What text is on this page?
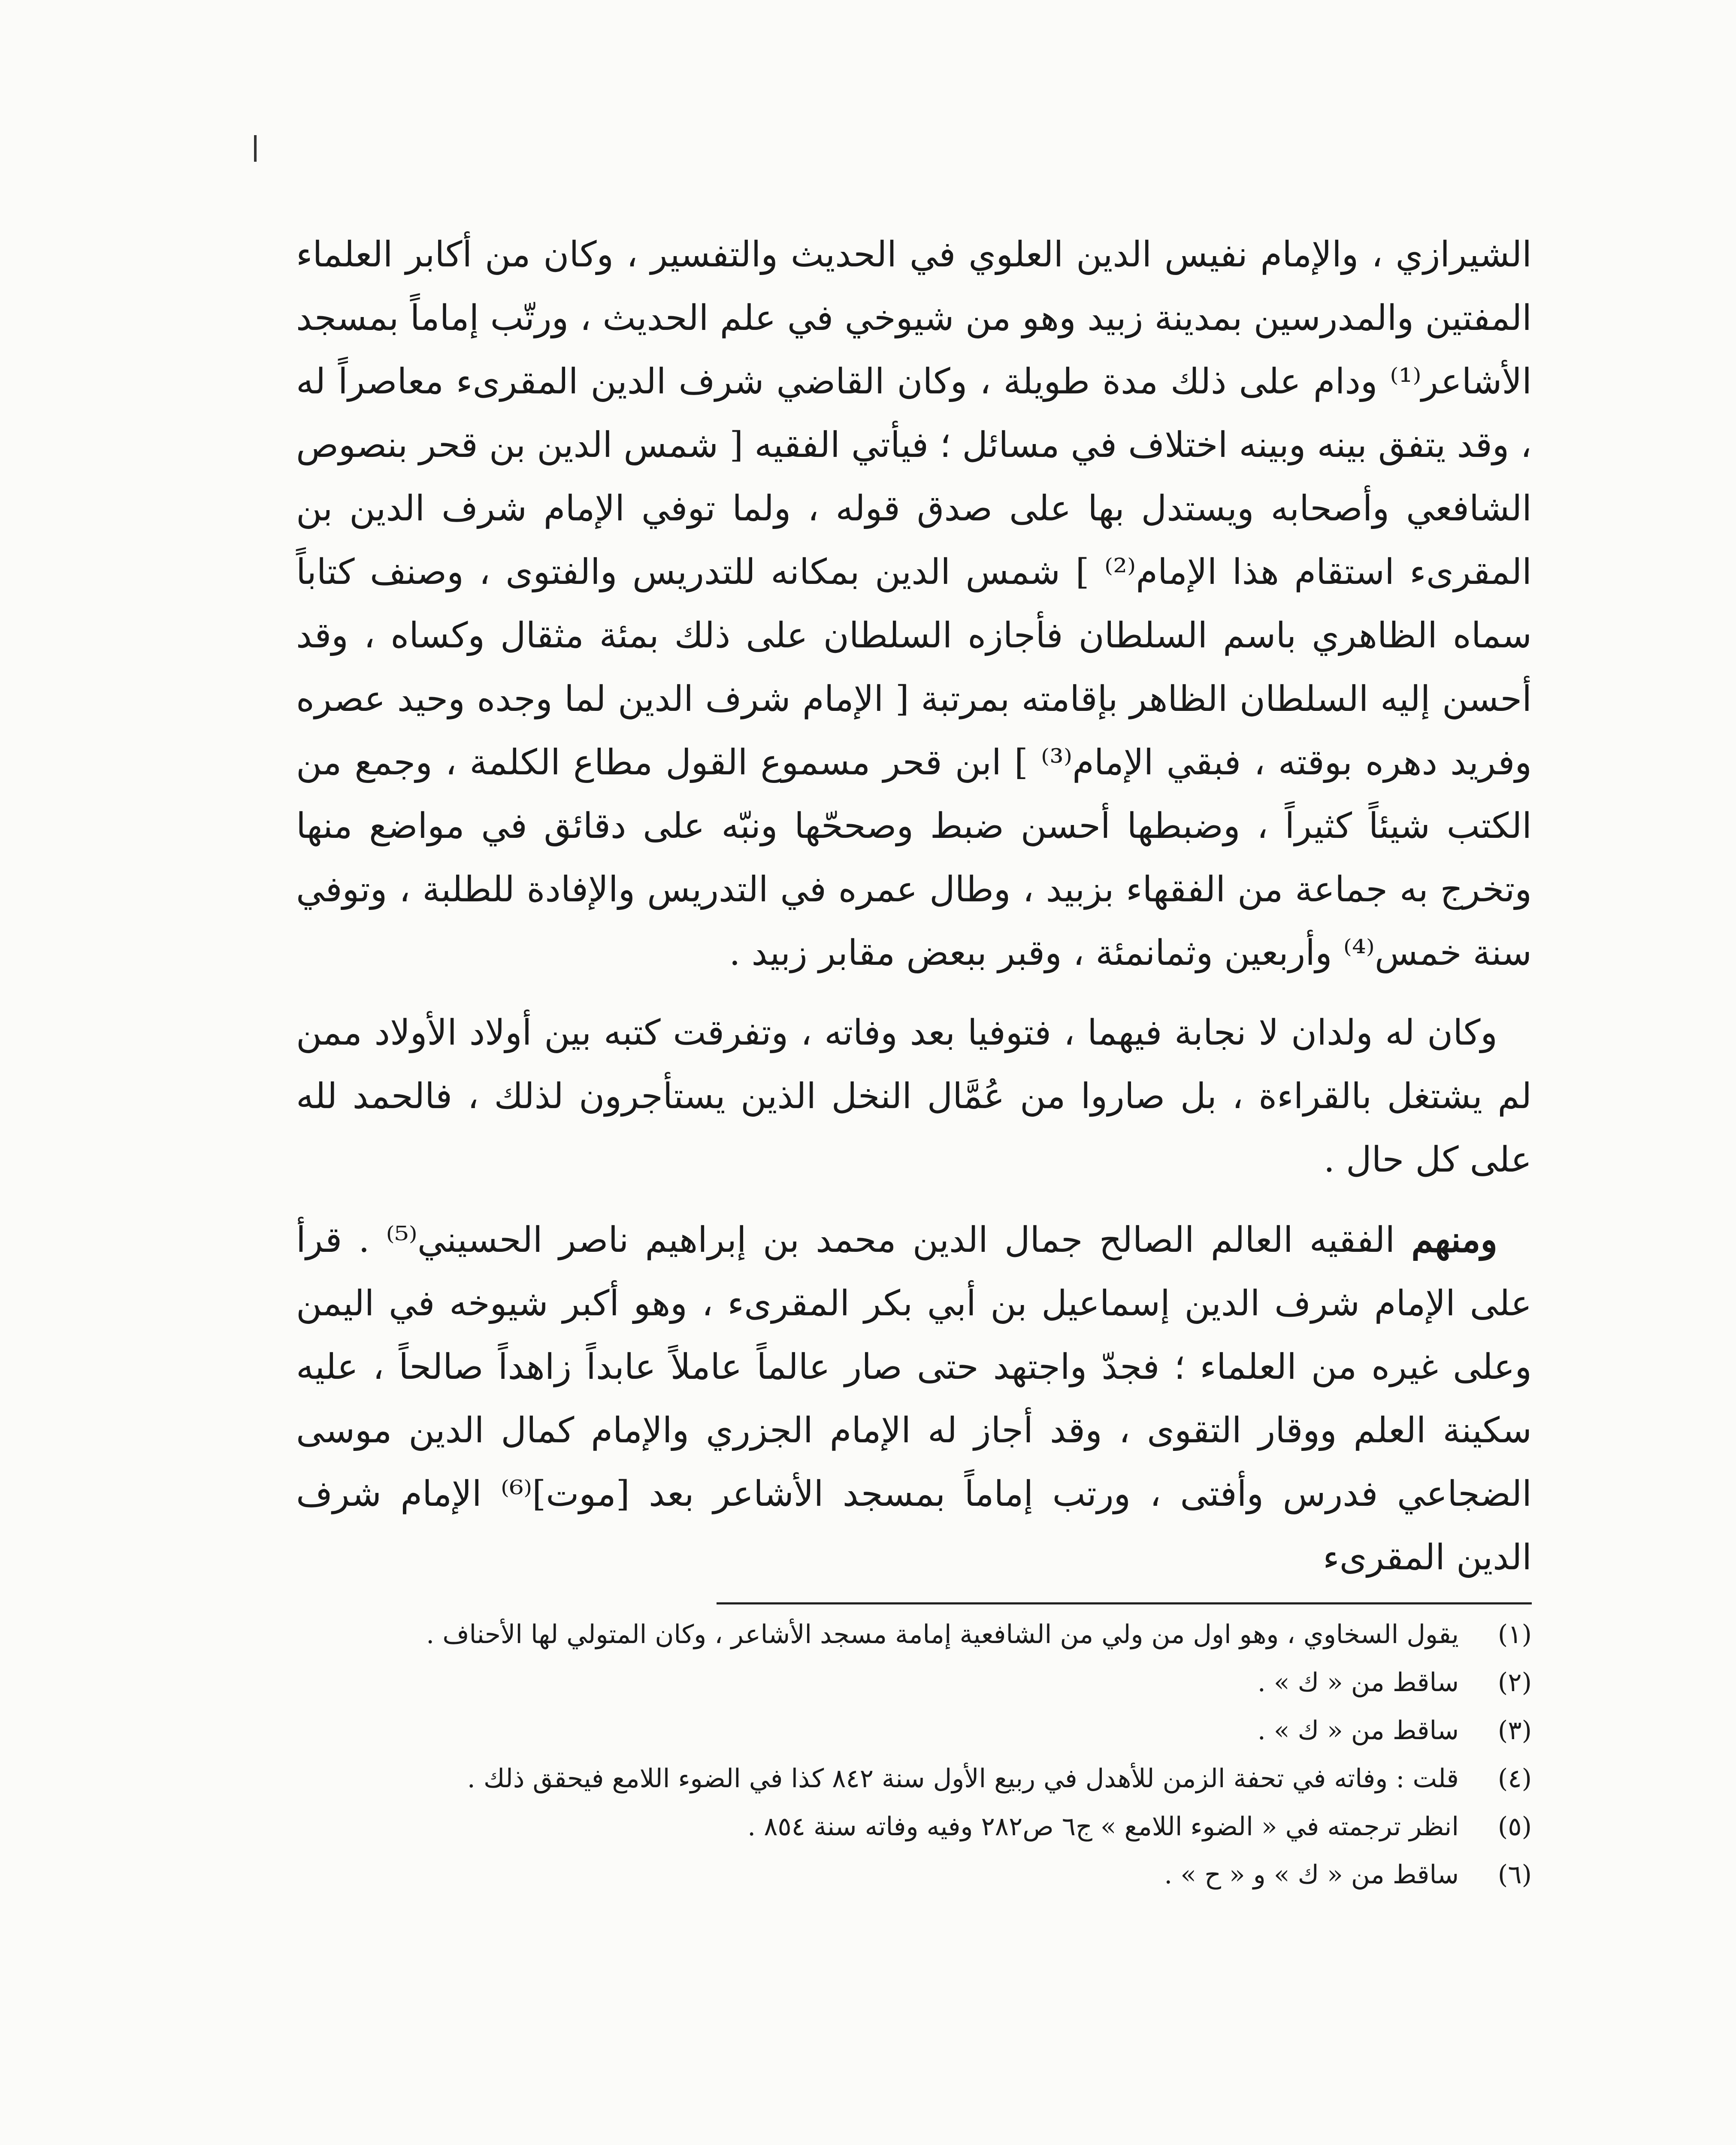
الشيرازي ، والإمام نفيس الدين العلوي في الحديث والتفسير ، وكان من أكابر العلماء المفتين والمدرسين بمدينة زبيد وهو من شيوخي في علم الحديث ، ورتّب إماماً بمسجد الأشاعر⁽¹⁾ ودام على ذلك مدة طويلة ، وكان القاضي شرف الدين المقرىء معاصراً له ، وقد يتفق بينه وبينه اختلاف في مسائل ؛ فيأتي الفقيه [ شمس الدين بن قحر بنصوص الشافعي وأصحابه ويستدل بها على صدق قوله ، ولما توفي الإمام شرف الدين بن المقرىء استقام هذا الإمام⁽²⁾ ] شمس الدين بمكانه للتدريس والفتوى ، وصنف كتاباً سماه الظاهري باسم السلطان فأجازه السلطان على ذلك بمئة مثقال وكساه ، وقد أحسن إليه السلطان الظاهر بإقامته بمرتبة [ الإمام شرف الدين لما وجده وحيد عصره وفريد دهره بوقته ، فبقي الإمام⁽³⁾ ] ابن قحر مسموع القول مطاع الكلمة ، وجمع من الكتب شيئاً كثيراً ، وضبطها أحسن ضبط وصححّها ونبّه على دقائق في مواضع منها وتخرج به جماعة من الفقهاء بزبيد ، وطال عمره في التدريس والإفادة للطلبة ، وتوفي سنة خمس⁽⁴⁾ وأربعين وثمانمئة ، وقبر ببعض مقابر زبيد .

وكان له ولدان لا نجابة فيهما ، فتوفيا بعد وفاته ، وتفرقت كتبه بين أولاد الأولاد ممن لم يشتغل بالقراءة ، بل صاروا من عُمَّال النخل الذين يستأجرون لذلك ، فالحمد لله على كل حال .

ومنهم الفقيه العالم الصالح جمال الدين محمد بن إبراهيم ناصر الحسيني⁽⁵⁾ . قرأ على الإمام شرف الدين إسماعيل بن أبي بكر المقرىء ، وهو أكبر شيوخه في اليمن وعلى غيره من العلماء ؛ فجدّ واجتهد حتى صار عالماً عاملاً عابداً زاهداً صالحاً ، عليه سكينة العلم ووقار التقوى ، وقد أجاز له الإمام الجزري والإمام كمال الدين موسى الضجاعي فدرس وأفتى ، ورتب إماماً بمسجد الأشاعر بعد [موت]⁽⁶⁾ الإمام شرف الدين المقرىء

(١)
يقول السخاوي ، وهو اول من ولي من الشافعية إمامة مسجد الأشاعر ، وكان المتولي لها الأحناف .
(٢)
ساقط من « ك » .
(٣)
ساقط من « ك » .
(٤)
قلت : وفاته في تحفة الزمن للأهدل في ربيع الأول سنة ٨٤٢ كذا في الضوء اللامع فيحقق ذلك .
(٥)
انظر ترجمته في « الضوء اللامع » ج٦ ص٢٨٢ وفيه وفاته سنة ٨٥٤ .
(٦)
ساقط من « ك » و « ح » .
